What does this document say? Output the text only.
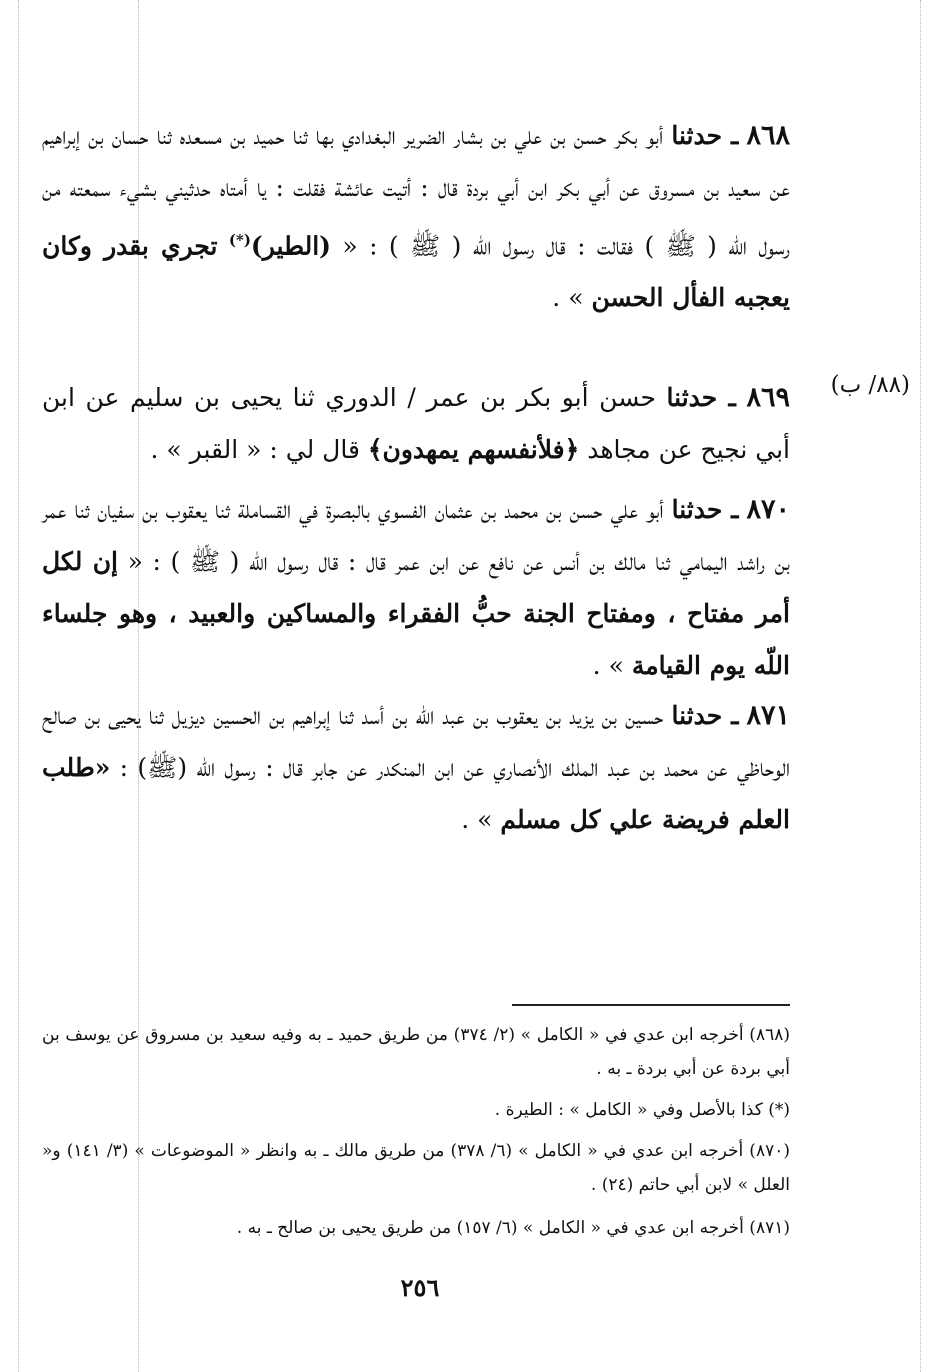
٨٦٨ ـ حدثنا أبو بكر حسن بن علي بن بشار الضرير البغدادي بها ثنا حميد بن مسعده ثنا حسان بن إبراهيم عن سعيد بن مسروق عن أبي بكر ابن أبي بردة قال : أتيت عائشة فقلت : يا أمتاه حدثيني بشيء سمعته من رسول اللّه ( ﷺ ) فقالت : قال رسول اللّه ( ﷺ ) : « (الطير)(*) تجري بقدر وكان يعجبه الفأل الحسن » .

(٨٨/ ب)

٨٦٩ ـ حدثنا حسن أبو بكر بن عمر / الدوري ثنا يحيى بن سليم عن ابن أبي نجيح عن مجاهد ﴿فلأنفسهم يمهدون﴾ قال لي : « القبر » .

٨٧٠ ـ حدثنا أبو علي حسن بن محمد بن عثمان الفسوي بالبصرة في القساملة ثنا يعقوب بن سفيان ثنا عمر بن راشد اليمامي ثنا مالك بن أنس عن نافع عن ابن عمر قال : قال رسول اللّه ( ﷺ ) : « إن لكل أمر مفتاح ، ومفتاح الجنة حبُّ الفقراء والمساكين والعبيد ، وهو جلساء اللّه يوم القيامة » .

٨٧١ ـ حدثنا حسين بن يزيد بن يعقوب بن عبد اللّه بن أسد ثنا إبراهيم بن الحسين ديزيل ثنا يحيى بن صالح الوحاظي عن محمد بن عبد الملك الأنصاري عن ابن المنكدر عن جابر قال : رسول اللّه (ﷺ) : «طلب العلم فريضة علي كل مسلم » .

(٨٦٨) أخرجه ابن عدي في « الكامل » (٢/ ٣٧٤) من طريق حميد ـ به وفيه سعيد بن مسروق عن يوسف بن أبي بردة عن أبي بردة ـ به .

(*) كذا بالأصل وفي « الكامل » : الطيرة .

(٨٧٠) أخرجه ابن عدي في « الكامل » (٦/ ٣٧٨) من طريق مالك ـ به وانظر « الموضوعات » (٣/ ١٤١) و« العلل » لابن أبي حاتم (٢٤) .

(٨٧١) أخرجه ابن عدي في « الكامل » (٦/ ١٥٧) من طريق يحيى بن صالح ـ به .

٢٥٦
